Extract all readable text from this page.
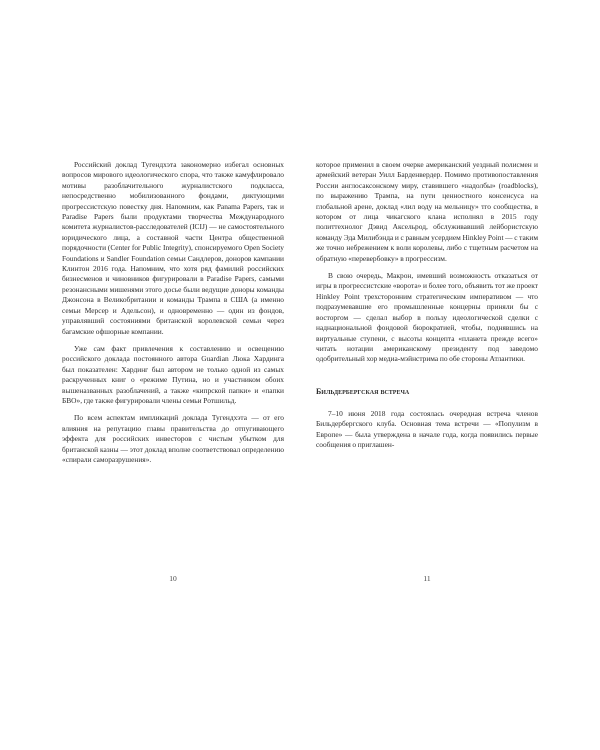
Российский доклад Тугендхэта закономерно избегал основных вопросов мирового идеологического спора, что также камуфлировало мотивы разоблачительного журналистского подкласса, непосредственно мобилизованного фондами, диктующими прогрессистскую повестку дня. Напомним, как Panama Papers, так и Paradise Papers были продуктами творчества Международного комитета журналистов-расследователей (ICIJ) — не самостоятельного юридического лица, а составной части Центра общественной порядочности (Center for Public Integrity), спонсируемого Open Society Foundations и Sandler Foundation семьи Сандлеров, доноров кампании Клинтон 2016 года. Напомним, что хотя ряд фамилий российских бизнесменов и чиновников фигурировали в Paradise Papers, самыми резонансными мишенями этого досье были ведущие доноры команды Джонсона в Великобритании и команды Трампа в США (а именно семьи Мерсер и Адельсон), и одновременно — один из фондов, управлявший состояниями британской королевской семьи через багамские офшорные компании.

Уже сам факт привлечения к составлению и освещению российского доклада постоянного автора Guardian Люка Хардинга был показателен: Хардинг был автором не только одной из самых раскрученных книг о «режиме Путина, но и участником обоих вышеназванных разоблачений, а также «кипрской папки» и «папки БВО», где также фигурировали члены семьи Ротшильд.

По всем аспектам импликаций доклада Тугендхэта — от его влияния на репутацию главы правительства до отпугивающего эффекта для российских инвесторов с чистым убытком для британской казны — этот доклад вполне соответствовал определению «спирали саморазрушения».

10

которое применил в своем очерке американский уездный полисмен и армейский ветеран Уилл Барденвердер. Помимо противопоставления России англосаксонскому миру, ставившего «надолбы» (roadblocks), по выражению Трампа, на пути ценностного консенсуса на глобальной арене, доклад «лил воду на мельницу» тго сообщества, в котором от лица чикагского клана исполнял в 2015 году политтехнолог Дэвид Аксельрод, обслуживавший лейбористскую команду Эда Милибэнда и с равным усердием Hinkley Point — с таким же точно небрежением к воли королевы, либо с тщетным расчетом на обратную «перевербовку» в прогрессизм.

В свою очередь, Макрон, имевший возможность отказаться от игры в прогрессистские «ворота» и более того, объявить тот же проект Hinkley Point трехсторонним стратегическим императивом — что подразумевавшие его промышленные концерны приняли бы с восторгом — сделал выбор в пользу идеологической сделки с наднациональной фондовой бюрократией, чтобы, поднявшись на виртуальные ступени, с высоты концепта «планета прежде всего» читать нотации американскому президенту под заведомо одобрительный хор медиа-мэйнстрима по обе стороны Атлантики.

Бильдербергская встреча

7–10 июня 2018 года состоялась очередная встреча членов Бильдербергского клуба. Основная тема встречи — «Популизм в Европе» — была утверждена в начале года, когда появились первые сообщения о приглашен-

11
